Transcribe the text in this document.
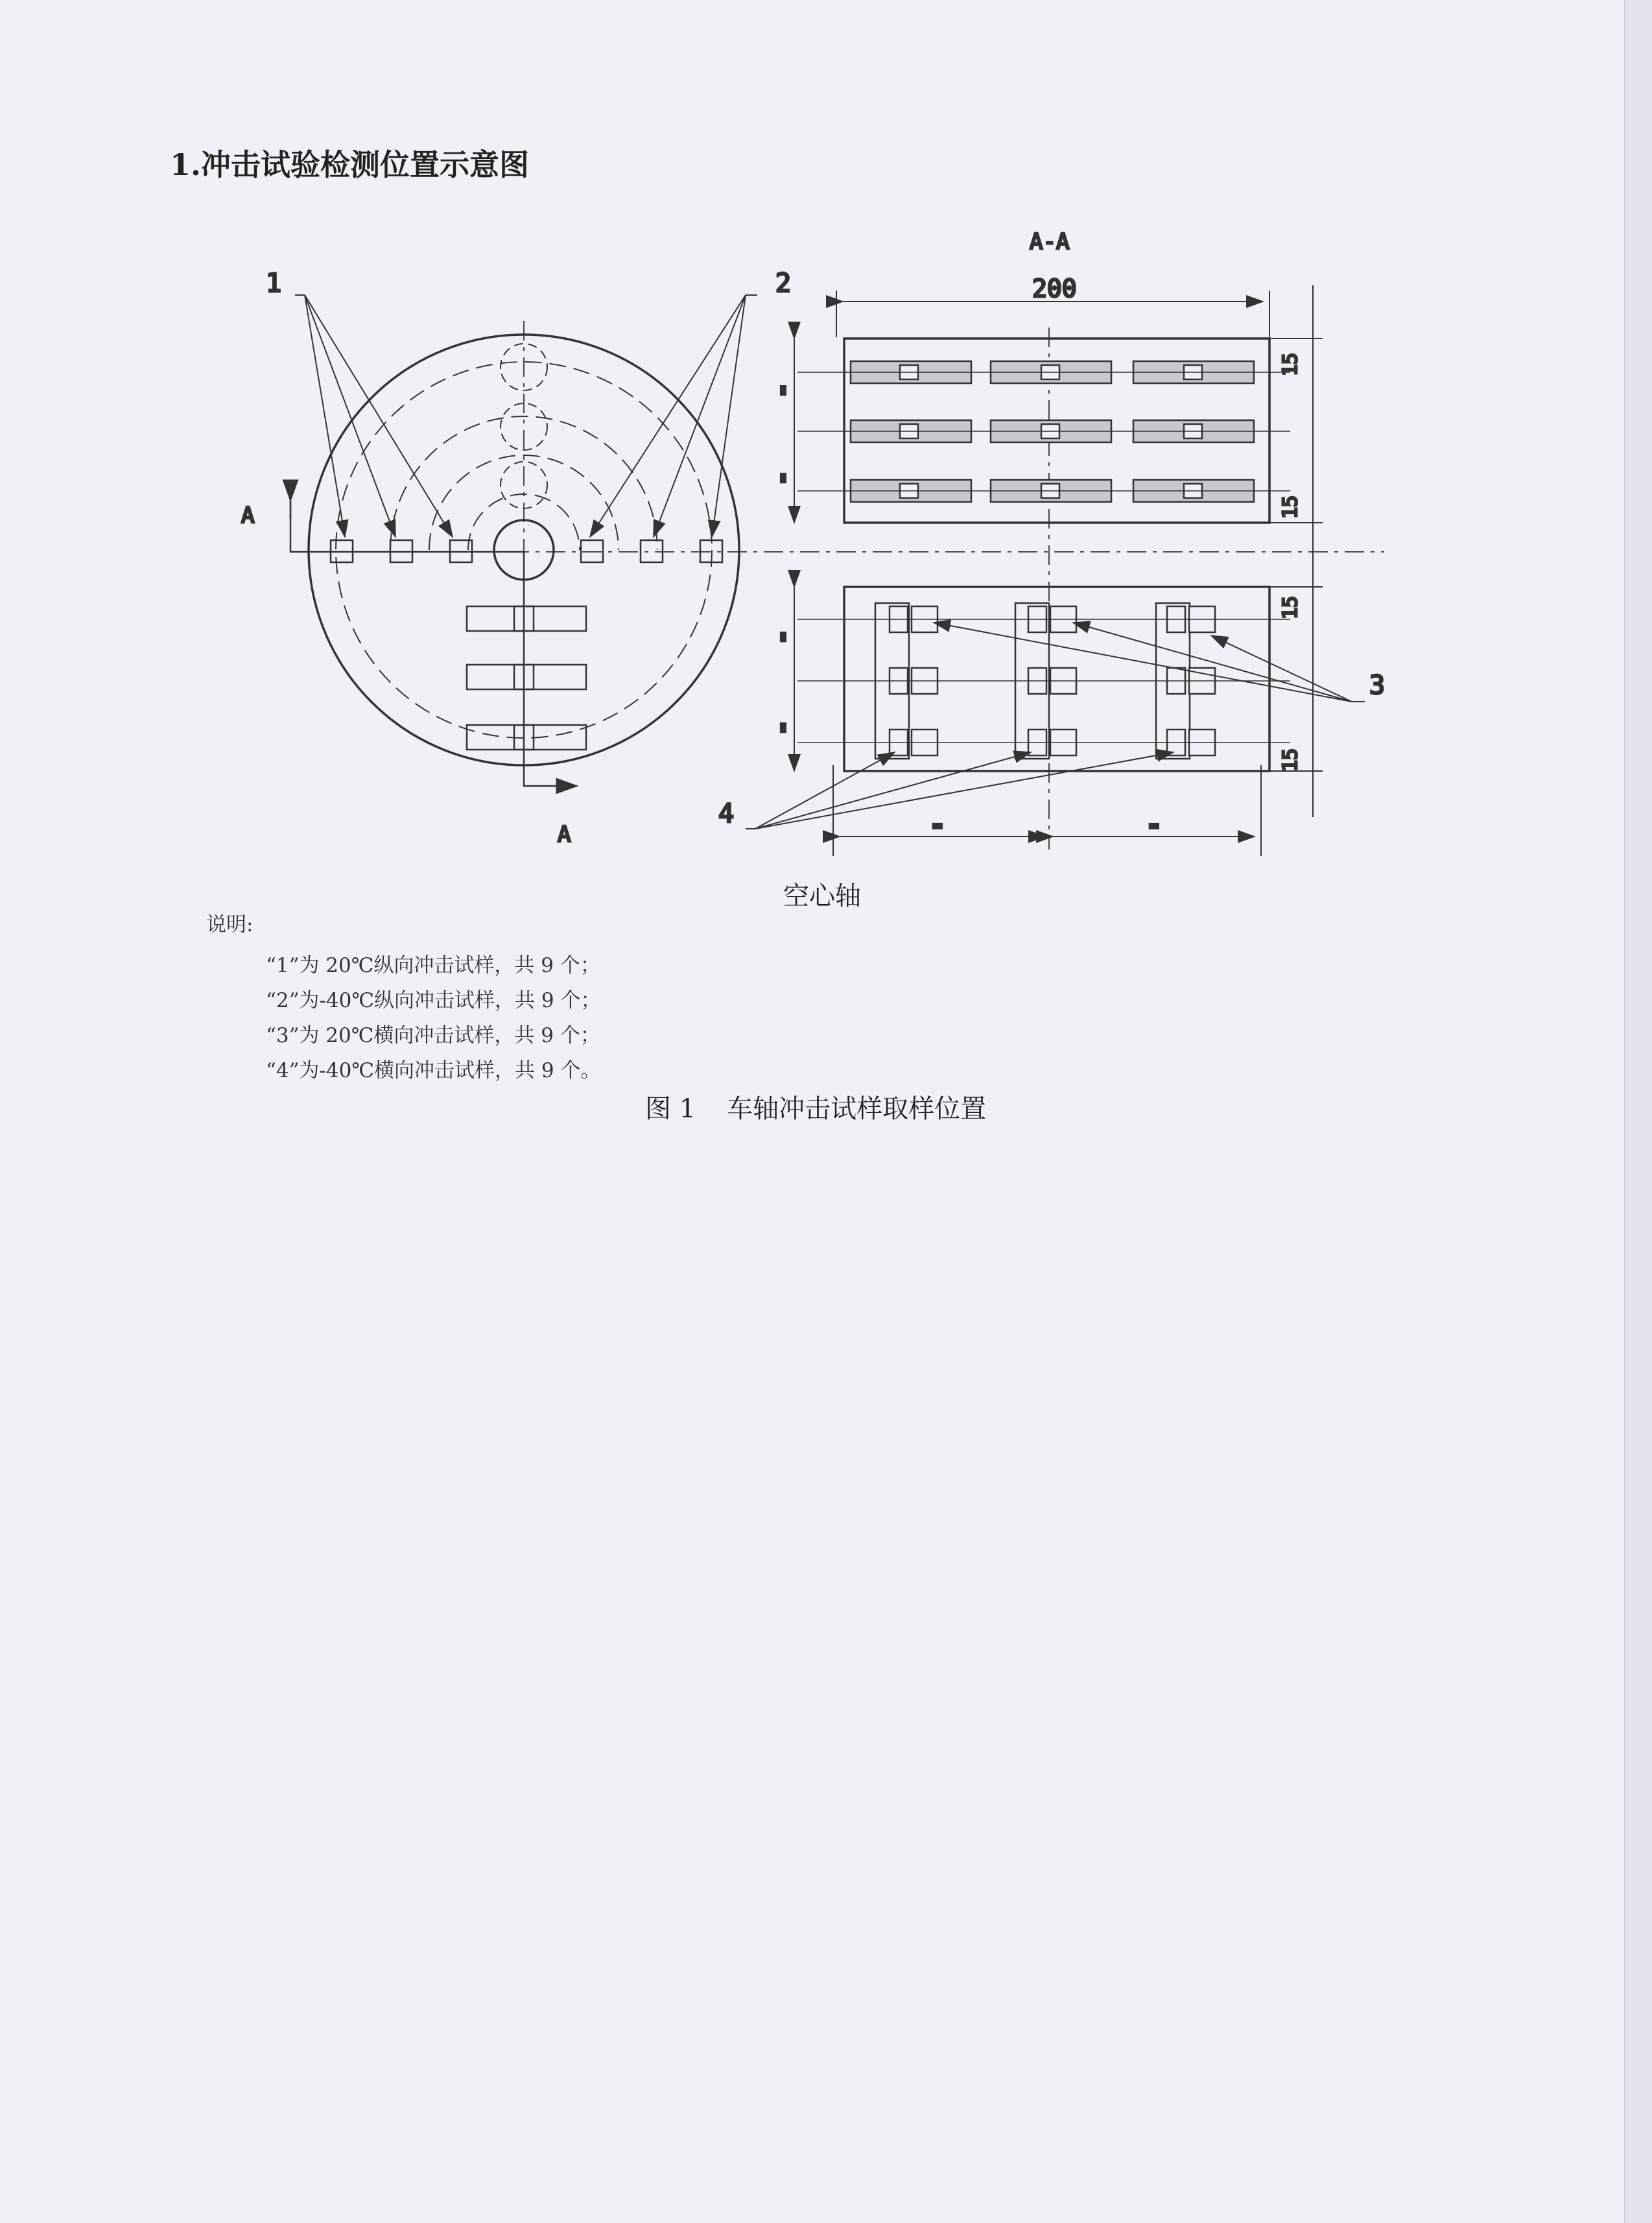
1.冲击试验检测位置示意图
A-A
200
A
A
1	2
3
4
15
15
15
15
=
=
=
=
=	=
空心轴
说明:
“1”为 20℃纵向冲击试样，共 9 个；
“2”为-40℃纵向冲击试样，共 9 个；
“3”为 20℃横向冲击试样，共 9 个；
“4”为-40℃横向冲击试样，共 9 个。
图 1 车轴冲击试样取样位置
